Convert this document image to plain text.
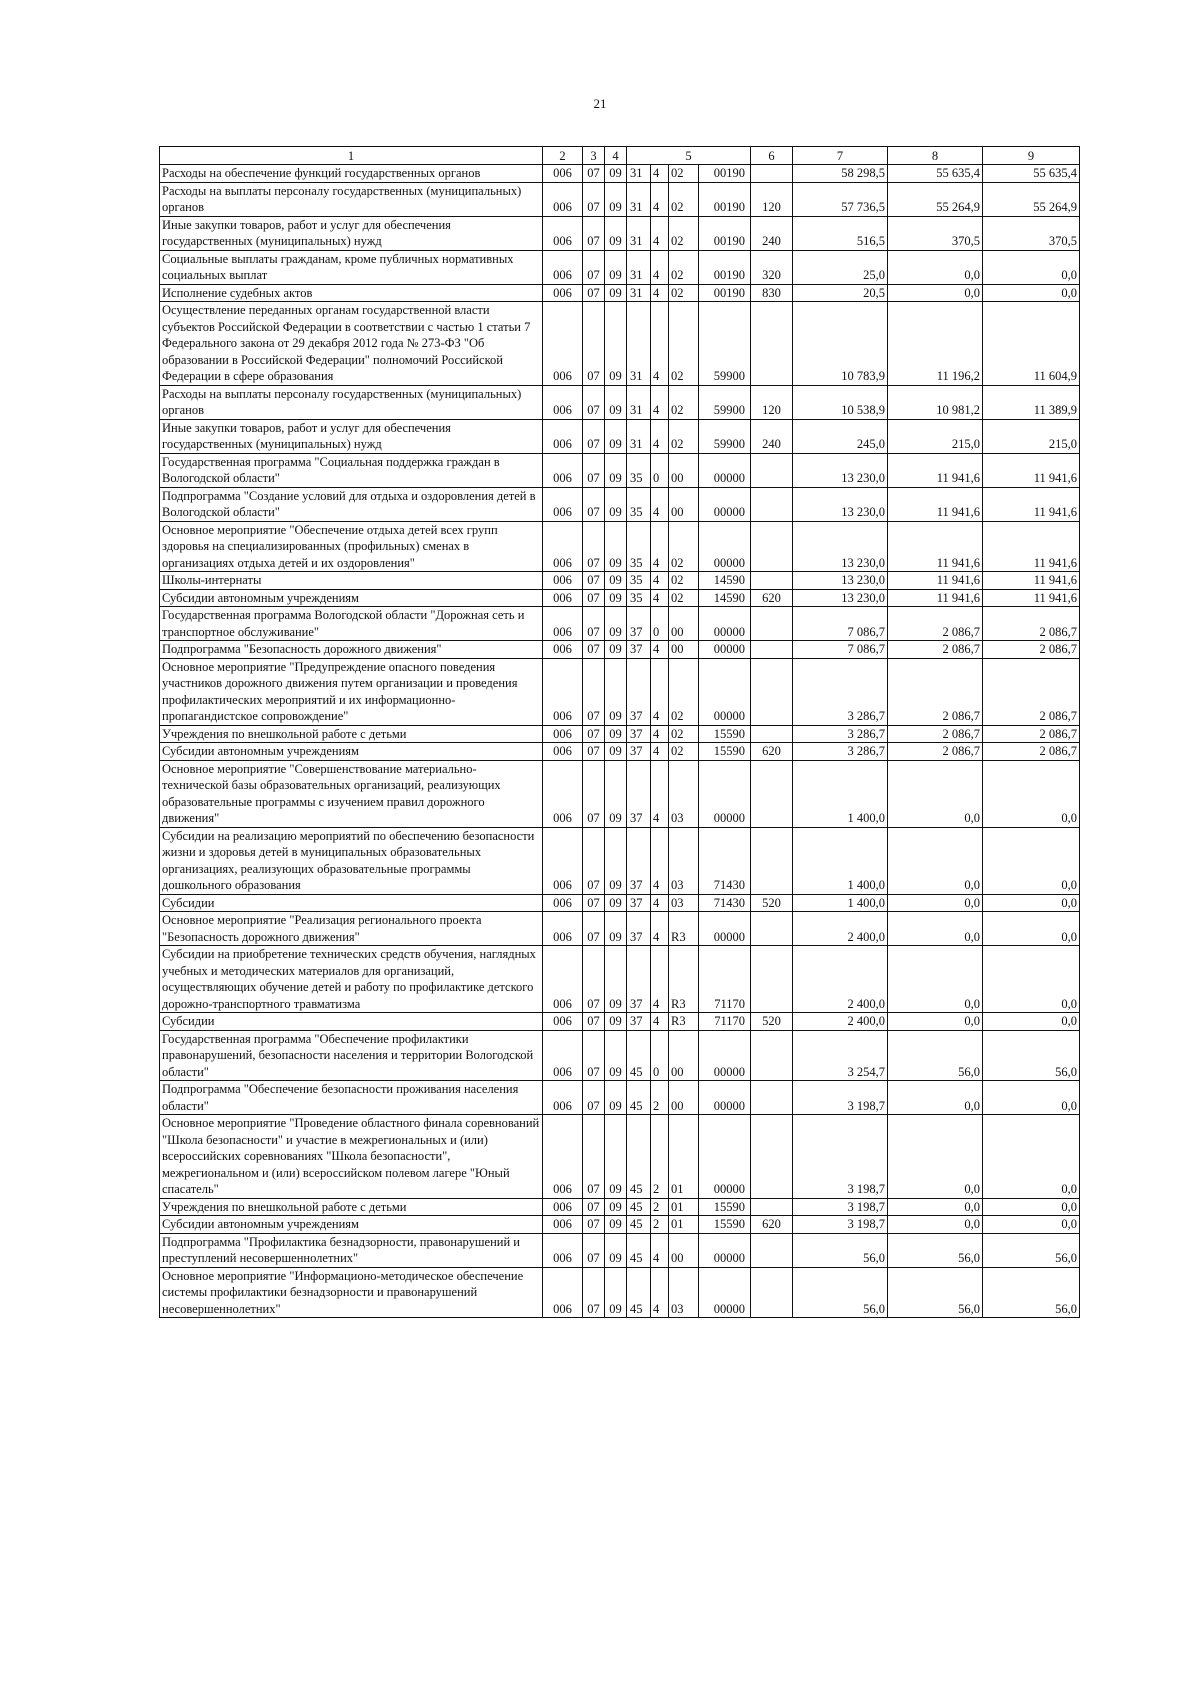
21
1	2	3	4	5				6	7	8	9
Расходы на обеспечение функций государственных органов	006	07	09	31	4	02	00190		58 298,5	55 635,4	55 635,4
Расходы на выплаты персоналу государственных (муниципальных) органов	006	07	09	31	4	02	00190	120	57 736,5	55 264,9	55 264,9
Иные закупки товаров, работ и услуг для обеспечения государственных (муниципальных) нужд	006	07	09	31	4	02	00190	240	516,5	370,5	370,5
Социальные выплаты гражданам, кроме публичных нормативных социальных выплат	006	07	09	31	4	02	00190	320	25,0	0,0	0,0
Исполнение судебных актов	006	07	09	31	4	02	00190	830	20,5	0,0	0,0
Осуществление переданных органам государственной власти субъектов Российской Федерации в соответствии с частью 1 статьи 7 Федерального закона от 29 декабря 2012 года № 273-ФЗ "Об образовании в Российской Федерации" полномочий Российской Федерации в сфере образования	006	07	09	31	4	02	59900		10 783,9	11 196,2	11 604,9
Расходы на выплаты персоналу государственных (муниципальных) органов	006	07	09	31	4	02	59900	120	10 538,9	10 981,2	11 389,9
Иные закупки товаров, работ и услуг для обеспечения государственных (муниципальных) нужд	006	07	09	31	4	02	59900	240	245,0	215,0	215,0
Государственная программа "Социальная поддержка граждан в Вологодской области"	006	07	09	35	0	00	00000		13 230,0	11 941,6	11 941,6
Подпрограмма "Создание условий для отдыха и оздоровления детей в Вологодской области"	006	07	09	35	4	00	00000		13 230,0	11 941,6	11 941,6
Основное мероприятие "Обеспечение отдыха детей всех групп здоровья на специализированных (профильных) сменах в организациях отдыха детей и их оздоровления"	006	07	09	35	4	02	00000		13 230,0	11 941,6	11 941,6
Школы-интернаты	006	07	09	35	4	02	14590		13 230,0	11 941,6	11 941,6
Субсидии автономным учреждениям	006	07	09	35	4	02	14590	620	13 230,0	11 941,6	11 941,6
Государственная программа Вологодской области "Дорожная сеть и транспортное обслуживание"	006	07	09	37	0	00	00000		7 086,7	2 086,7	2 086,7
Подпрограмма "Безопасность дорожного движения"	006	07	09	37	4	00	00000		7 086,7	2 086,7	2 086,7
Основное мероприятие "Предупреждение опасного поведения участников дорожного движения путем организации и проведения профилактических мероприятий и их информационно-пропагандистское сопровождение"	006	07	09	37	4	02	00000		3 286,7	2 086,7	2 086,7
Учреждения по внешкольной работе с детьми	006	07	09	37	4	02	15590		3 286,7	2 086,7	2 086,7
Субсидии автономным учреждениям	006	07	09	37	4	02	15590	620	3 286,7	2 086,7	2 086,7
Основное мероприятие "Совершенствование материально-технической базы образовательных организаций, реализующих образовательные программы с изучением правил дорожного движения"	006	07	09	37	4	03	00000		1 400,0	0,0	0,0
Субсидии на реализацию мероприятий по обеспечению безопасности жизни и здоровья детей в муниципальных образовательных организациях, реализующих образовательные программы дошкольного образования	006	07	09	37	4	03	71430		1 400,0	0,0	0,0
Субсидии	006	07	09	37	4	03	71430	520	1 400,0	0,0	0,0
Основное мероприятие "Реализация регионального проекта "Безопасность дорожного движения"	006	07	09	37	4	R3	00000		2 400,0	0,0	0,0
Субсидии на приобретение технических средств обучения, наглядных учебных и методических материалов для организаций, осуществляющих обучение детей и работу по профилактике детского дорожно-транспортного травматизма	006	07	09	37	4	R3	71170		2 400,0	0,0	0,0
Субсидии	006	07	09	37	4	R3	71170	520	2 400,0	0,0	0,0
Государственная программа "Обеспечение профилактики правонарушений, безопасности населения и территории Вологодской области"	006	07	09	45	0	00	00000		3 254,7	56,0	56,0
Подпрограмма "Обеспечение безопасности проживания населения области"	006	07	09	45	2	00	00000		3 198,7	0,0	0,0
Основное мероприятие "Проведение областного финала соревнований "Школа безопасности" и участие в межрегиональных и (или) всероссийских соревнованиях "Школа безопасности", межрегиональном и (или) всероссийском полевом лагере "Юный спасатель"	006	07	09	45	2	01	00000		3 198,7	0,0	0,0
Учреждения по внешкольной работе с детьми	006	07	09	45	2	01	15590		3 198,7	0,0	0,0
Субсидии автономным учреждениям	006	07	09	45	2	01	15590	620	3 198,7	0,0	0,0
Подпрограмма "Профилактика безнадзорности, правонарушений и преступлений несовершеннолетних"	006	07	09	45	4	00	00000		56,0	56,0	56,0
Основное мероприятие "Информационо-методическое обеспечение системы профилактики безнадзорности и правонарушений несовершеннолетних"	006	07	09	45	4	03	00000		56,0	56,0	56,0
